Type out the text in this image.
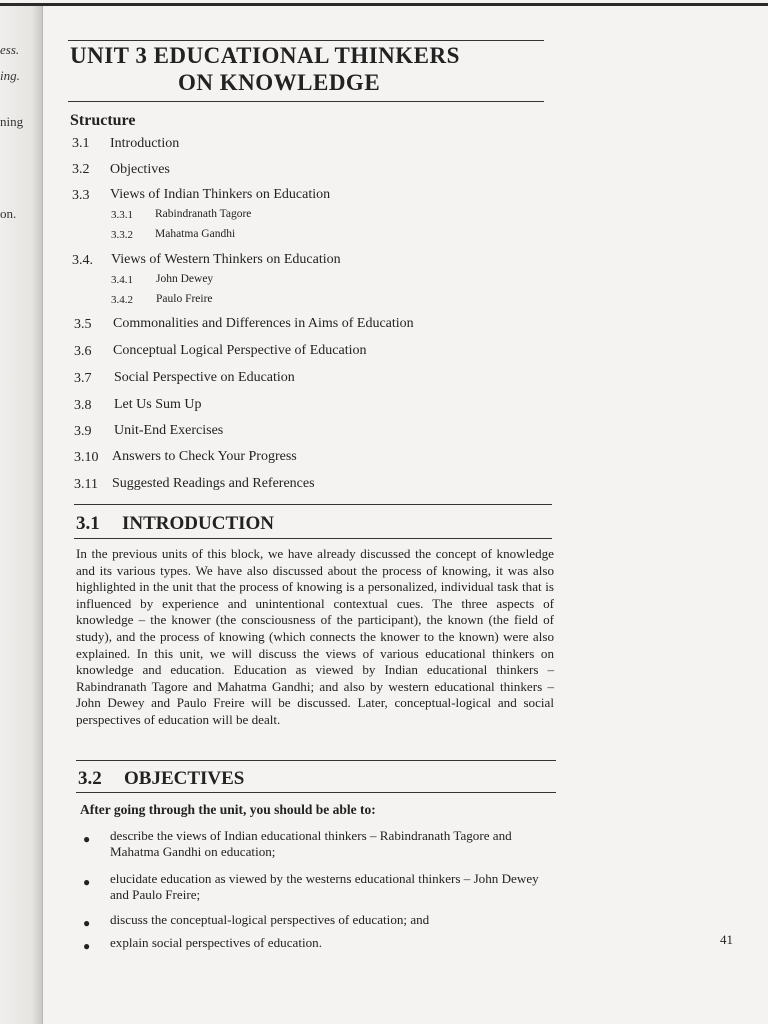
ess.
ing.
ning
on.
UNIT 3 EDUCATIONAL THINKERS
ON KNOWLEDGE
Structure
3.1 Introduction
3.2 Objectives
3.3 Views of Indian Thinkers on Education
3.3.1 Rabindranath Tagore
3.3.2 Mahatma Gandhi
3.4. Views of Western Thinkers on Education
3.4.1 John Dewey
3.4.2 Paulo Freire
3.5 Commonalities and Differences in Aims of Education
3.6 Conceptual Logical Perspective of Education
3.7 Social Perspective on Education
3.8 Let Us Sum Up
3.9 Unit-End Exercises
3.10 Answers to Check Your Progress
3.11 Suggested Readings and References
3.1 INTRODUCTION

In the previous units of this block, we have already discussed the concept of knowledge and its various types. We have also discussed about the process of knowing, it was also highlighted in the unit that the process of knowing is a personalized, individual task that is influenced by experience and unintentional contextual cues. The three aspects of knowledge – the knower (the consciousness of the participant), the known (the field of study), and the process of knowing (which connects the knower to the known) were also explained. In this unit, we will discuss the views of various educational thinkers on knowledge and education. Education as viewed by Indian educational thinkers – Rabindranath Tagore and Mahatma Gandhi; and also by western educational thinkers – John Dewey and Paulo Freire will be discussed. Later, conceptual-logical and social perspectives of education will be dealt.

3.2 OBJECTIVES
After going through the unit, you should be able to:
● describe the views of Indian educational thinkers – Rabindranath Tagore and Mahatma Gandhi on education;

● elucidate education as viewed by the westerns educational thinkers – John Dewey and Paulo Freire;

● discuss the conceptual-logical perspectives of education; and

● explain social perspectives of education.	41
